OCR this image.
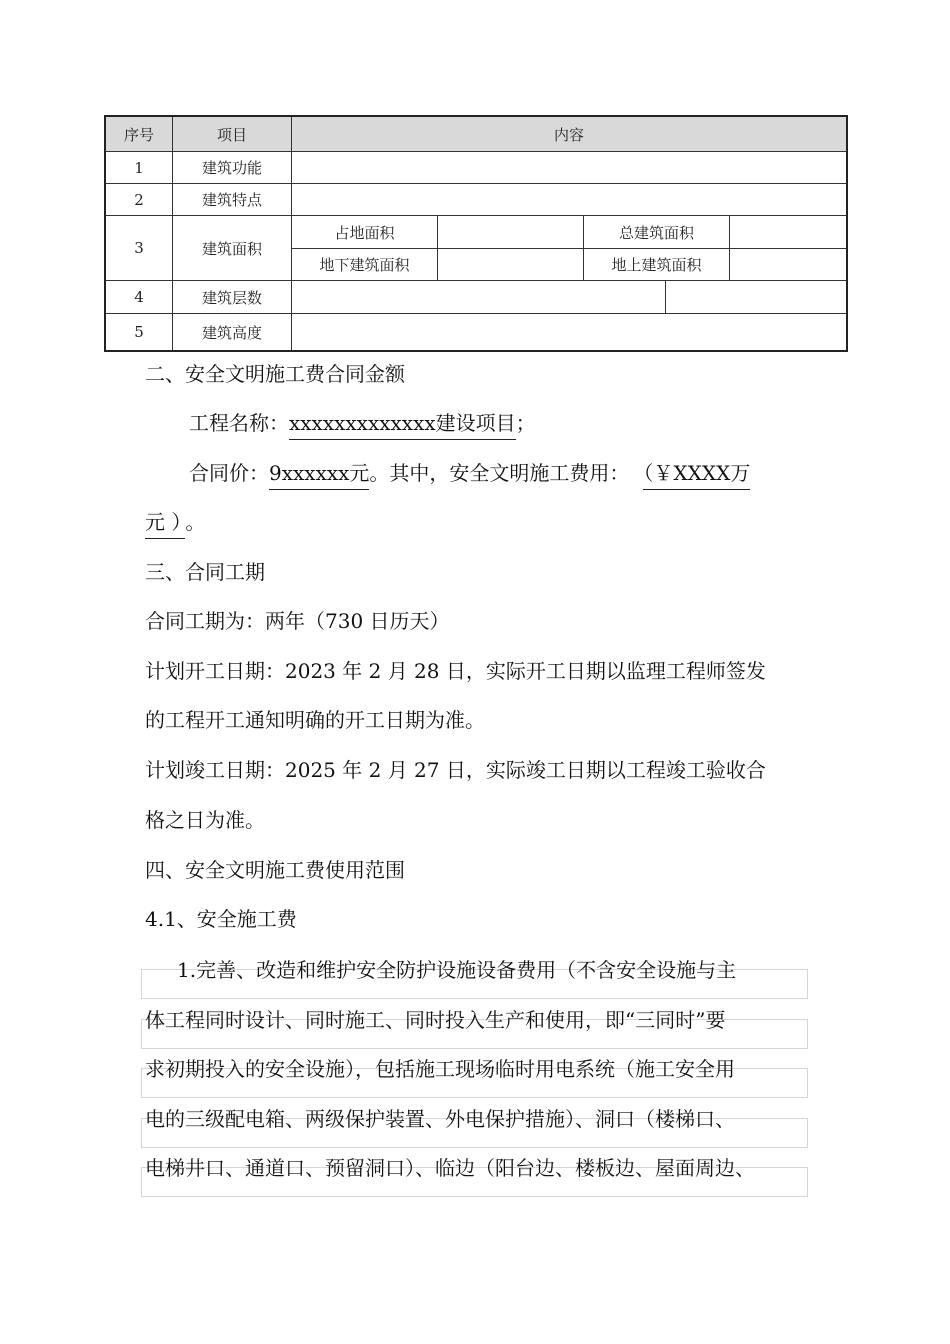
序号	项目	内容
1	建筑功能
2	建筑特点
3	建筑面积
占地面积	总建筑面积
地下建筑面积	地上建筑面积
4	建筑层数
5	建筑高度
二、安全文明施工费合同金额
工程名称：xxxxxxxxxxxxx建设项目；
合同价：9xxxxxx元。其中，安全文明施工费用： （￥XXXX万
元 ） 。
三、合同工期
合同工期为：两年（730 日历天）
计划开工日期：2023 年 2 月 28 日，实际开工日期以监理工程师签发
的工程开工通知明确的开工日期为准。
计划竣工日期：2025 年 2 月 27 日，实际竣工日期以工程竣工验收合
格之日为准。
四、安全文明施工费使用范围
4.1、安全施工费
1.完善、改造和维护安全防护设施设备费用（不含安全设施与主
体工程同时设计、同时施工、同时投入生产和使用，即“三同时”要
求初期投入的安全设施），包括施工现场临时用电系统（施工安全用
电的三级配电箱、两级保护装置、外电保护措施）、洞口（楼梯口、
电梯井口、通道口、预留洞口）、临边（阳台边、楼板边、屋面周边、
